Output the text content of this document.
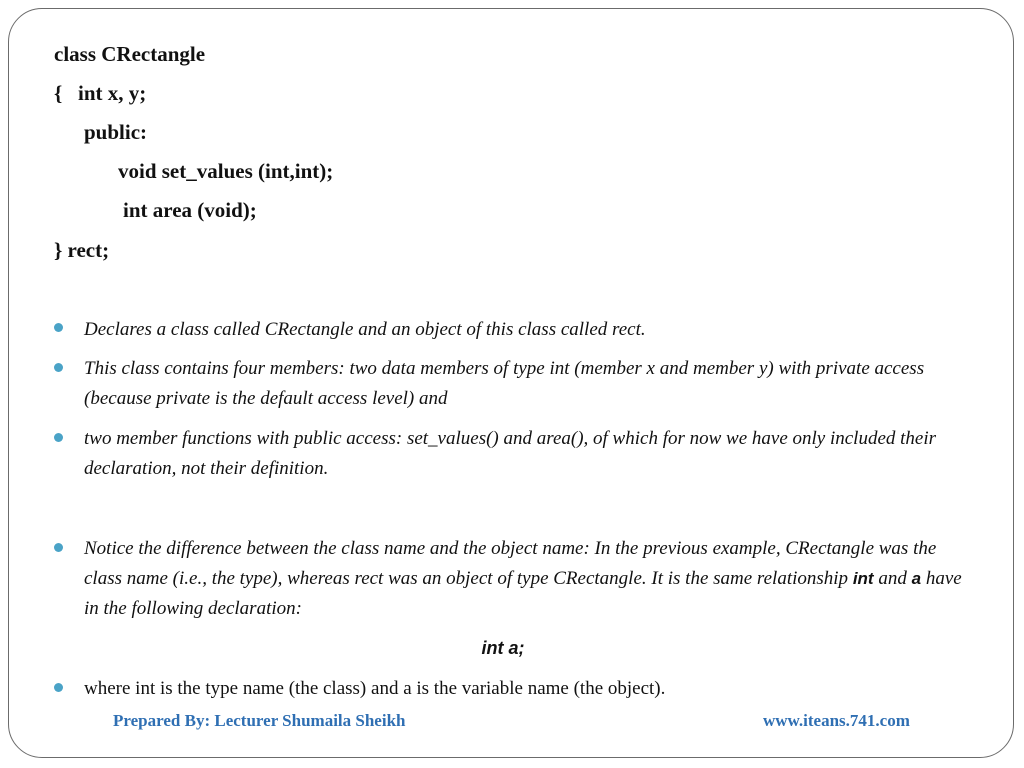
class CRectangle
{   int x, y;
public:
void set_values (int,int);
int area (void);
} rect;
Declares a class called CRectangle and an object of this class called rect.
This class contains four members: two data members of type int (member x and member y) with private access (because private is the default access level) and
two member functions with public access: set_values() and area(), of which for now we have only included their declaration, not their definition.
Notice the difference between the class name and the object name: In the previous example, CRectangle was the class name (i.e., the type), whereas rect was an object of type CRectangle. It is the same relationship int and a have in the following declaration:
int a;
where int is the type name (the class) and a is the variable name (the object).
Prepared By: Lecturer Shumaila Sheikh	www.iteans.741.com
